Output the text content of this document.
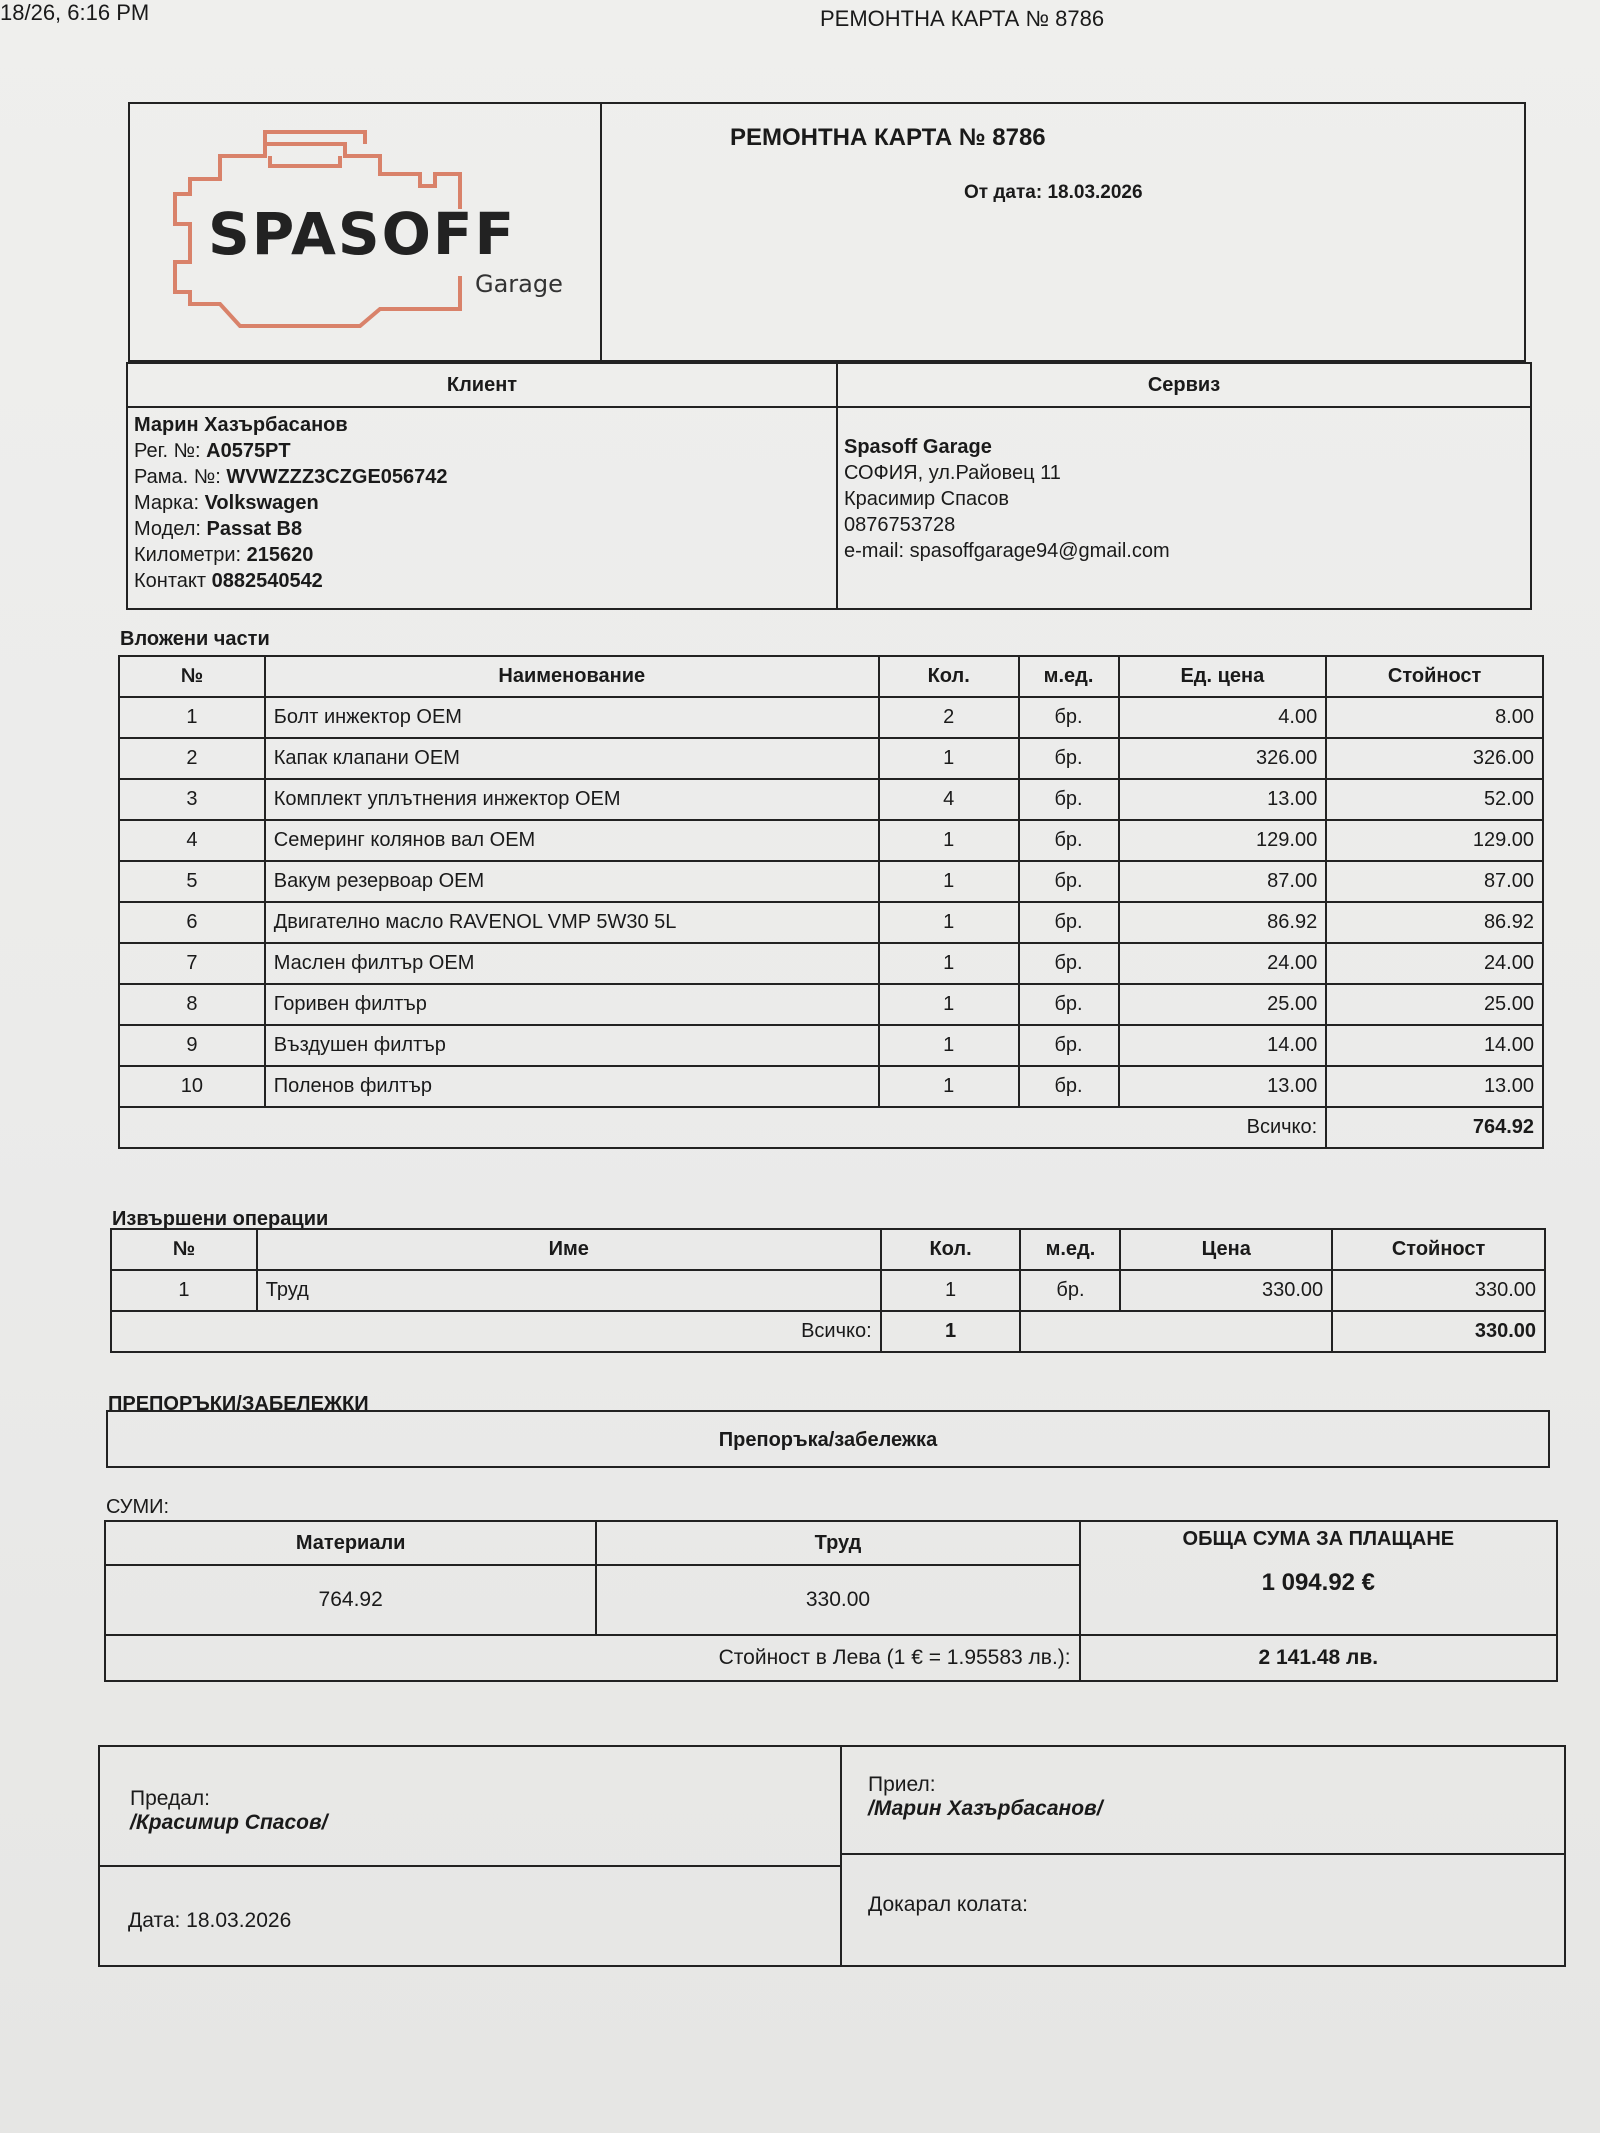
18/26, 6:16 PM	РЕМОНТНА КАРТА № 8786
SPASOFF
Garage
РЕМОНТНА КАРТА № 8786
От дата: 18.03.2026
Клиент
Марин Хазърбасанов
Рег. №: A0575PT
Рама. №: WVWZZZ3CZGE056742
Марка: Volkswagen
Модел: Passat B8
Километри: 215620
Контакт 0882540542
Сервиз
Spasoff Garage
СОФИЯ, ул.Райовец 11
Красимир Спасов
0876753728
e-mail: spasoffgarage94@gmail.com
Вложени части
№	Наименование	Кол.	м.ед.	Ед. цена	Стойност
1	Болт инжектор OEM	2	бр.	4.00	8.00
2	Капак клапани OEM	1	бр.	326.00	326.00
3	Комплект уплътнения инжектор OEM	4	бр.	13.00	52.00
4	Семеринг колянов вал OEM	1	бр.	129.00	129.00
5	Вакум резервоар OEM	1	бр.	87.00	87.00
6	Двигателно масло RAVENOL VMP 5W30 5L	1	бр.	86.92	86.92
7	Маслен филтър OEM	1	бр.	24.00	24.00
8	Горивен филтър	1	бр.	25.00	25.00
9	Въздушен филтър	1	бр.	14.00	14.00
10	Поленов филтър	1	бр.	13.00	13.00
Всичко:					764.92
Извършени операции
№	Име	Кол.	м.ед.	Цена	Стойност
1	Труд	1	бр.	330.00	330.00
Всичко:		1			330.00
ПРЕПОРЪКИ/ЗАБЕЛЕЖКИ
Препоръка/забележка
СУМИ:
Материали	Труд	ОБЩА СУМА ЗА ПЛАЩАНЕ
1 094.92 €

764.92	330.00	
Стойност в Лева (1 € = 1.95583 лв.):		2 141.48 лв.
Предал:
/Красимир Спасов/
Приел:
/Марин Хазърбасанов/
Дата: 18.03.2026
Докарал колата:
